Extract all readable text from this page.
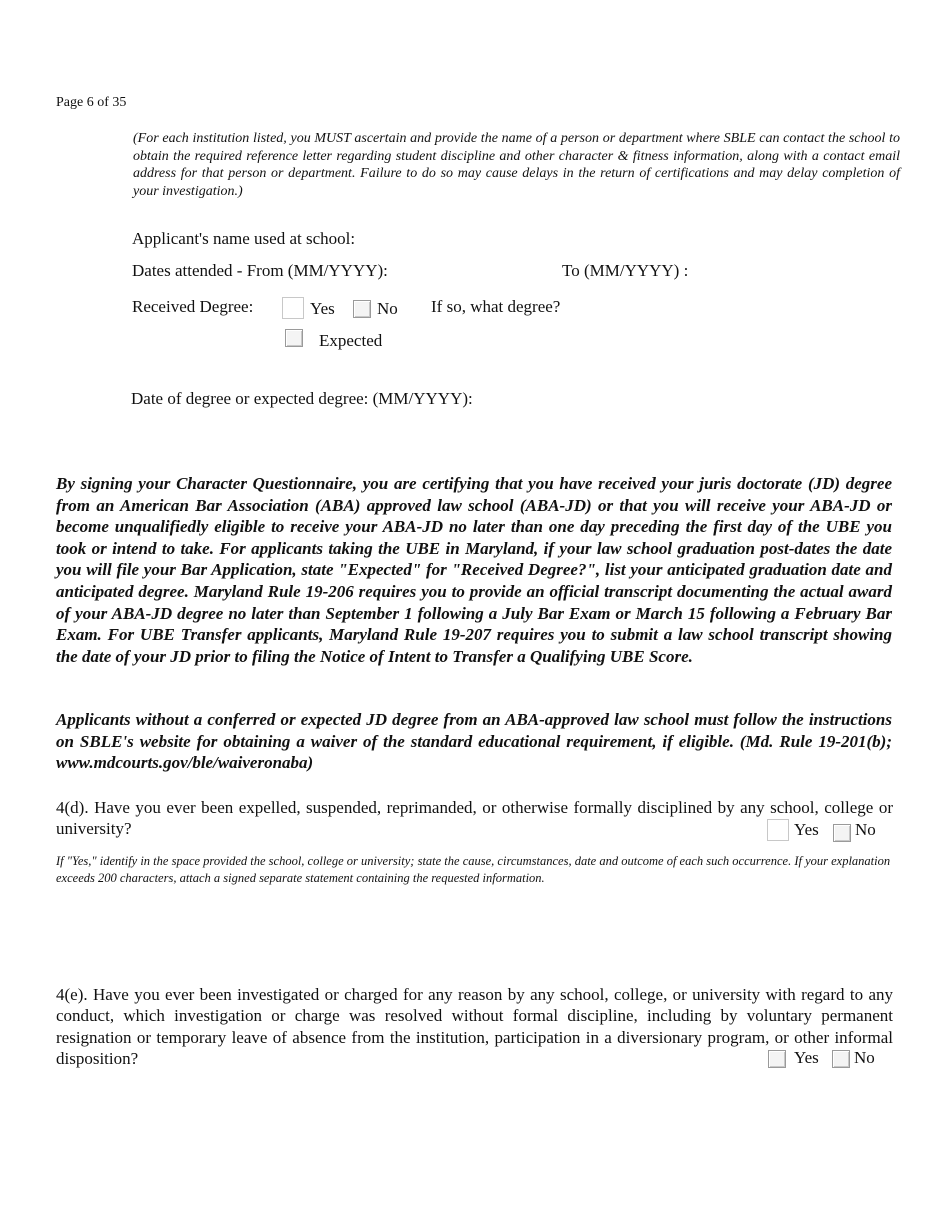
Page 6 of 35
(For each institution listed, you MUST ascertain and provide the name of a person or department where SBLE can contact the school to obtain the required reference letter regarding student discipline and other character & fitness information, along with a contact email address for that person or department. Failure to do so may cause delays in the return of certifications and may delay completion of your investigation.)
Applicant's name used at school:
Dates attended - From (MM/YYYY):	To (MM/YYYY) :
Received Degree:	Yes No If so, what degree?
Expected
Date of degree or expected degree: (MM/YYYY):
By signing your Character Questionnaire, you are certifying that you have received your juris doctorate (JD) degree from an American Bar Association (ABA) approved law school (ABA-JD) or that you will receive your ABA-JD or become unqualifiedly eligible to receive your ABA-JD no later than one day preceding the first day of the UBE you took or intend to take. For applicants taking the UBE in Maryland, if your law school graduation post-dates the date you will file your Bar Application, state "Expected" for "Received Degree?", list your anticipated graduation date and anticipated degree. Maryland Rule 19-206 requires you to provide an official transcript documenting the actual award of your ABA-JD degree no later than September 1 following a July Bar Exam or March 15 following a February Bar Exam. For UBE Transfer applicants, Maryland Rule 19-207 requires you to submit a law school transcript showing the date of your JD prior to filing the Notice of Intent to Transfer a Qualifying UBE Score.
Applicants without a conferred or expected JD degree from an ABA-approved law school must follow the instructions on SBLE's website for obtaining a waiver of the standard educational requirement, if eligible. (Md. Rule 19-201(b); www.mdcourts.gov/ble/waiveronaba)
4(d). Have you ever been expelled, suspended, reprimanded, or otherwise formally disciplined by any school, college or university?	Yes No
If "Yes," identify in the space provided the school, college or university; state the cause, circumstances, date and outcome of each such occurrence. If your explanation exceeds 200 characters, attach a signed separate statement containing the requested information.
4(e). Have you ever been investigated or charged for any reason by any school, college, or university with regard to any conduct, which investigation or charge was resolved without formal discipline, including by voluntary permanent resignation or temporary leave of absence from the institution, participation in a diversionary program, or other informal disposition?	Yes No
